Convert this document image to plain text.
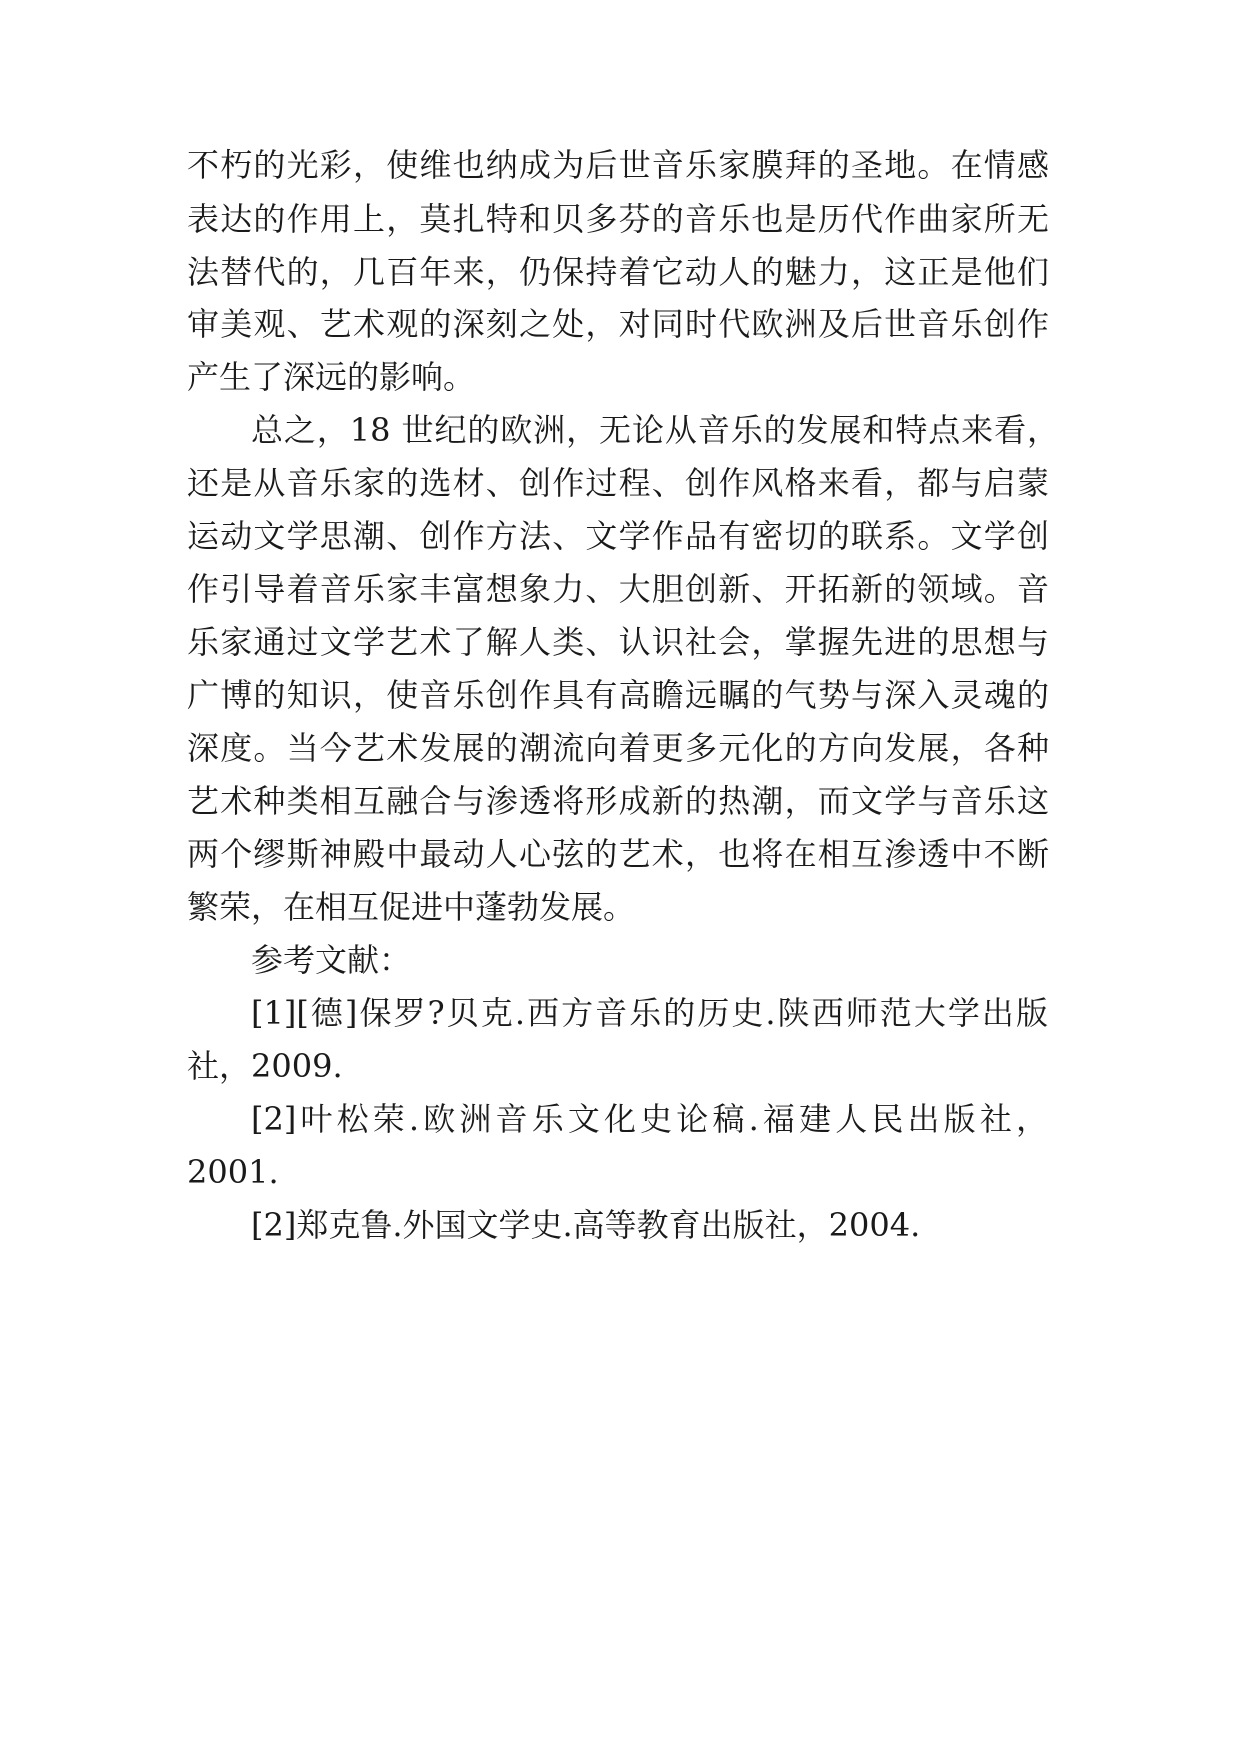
不朽的光彩，使维也纳成为后世音乐家膜拜的圣地。在情感
表达的作用上，莫扎特和贝多芬的音乐也是历代作曲家所无
法替代的，几百年来，仍保持着它动人的魅力，这正是他们
审美观、艺术观的深刻之处，对同时代欧洲及后世音乐创作
产生了深远的影响。
总之，18 世纪的欧洲，无论从音乐的发展和特点来看，
还是从音乐家的选材、创作过程、创作风格来看，都与启蒙
运动文学思潮、创作方法、文学作品有密切的联系。文学创
作引导着音乐家丰富想象力、大胆创新、开拓新的领域。音
乐家通过文学艺术了解人类、认识社会，掌握先进的思想与
广博的知识，使音乐创作具有高瞻远瞩的气势与深入灵魂的
深度。当今艺术发展的潮流向着更多元化的方向发展，各种
艺术种类相互融合与渗透将形成新的热潮，而文学与音乐这
两个缪斯神殿中最动人心弦的艺术，也将在相互渗透中不断
繁荣，在相互促进中蓬勃发展。
参考文献：
[1][德]保罗?贝克.西方音乐的历史.陕西师范大学出版
社，2009.
[2]叶松荣.欧洲音乐文化史论稿.福建人民出版社，
2001.
[2]郑克鲁.外国文学史.高等教育出版社，2004.
